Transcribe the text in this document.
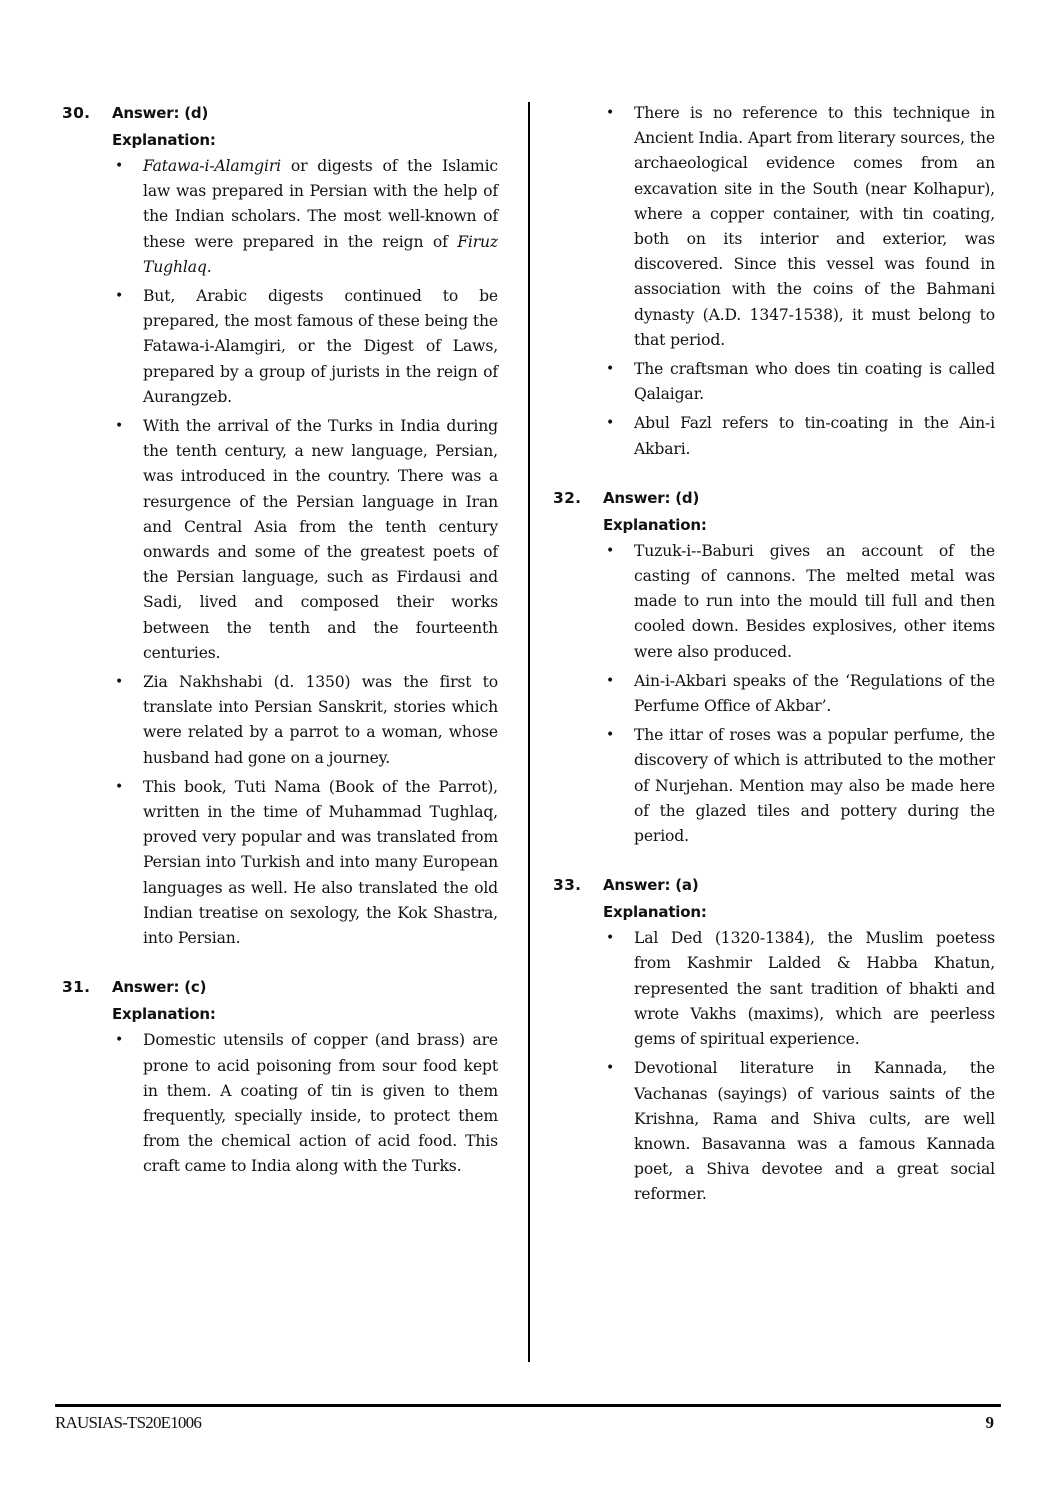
30.	Answer: (d)
Explanation:
• Fatawa-i-Alamgiri or digests of the Islamic law was prepared in Persian with the help of the Indian scholars. The most well-known of these were prepared in the reign of Firuz Tughlaq.
• But, Arabic digests continued to be prepared, the most famous of these being the Fatawa-i-Alamgiri, or the Digest of Laws, prepared by a group of jurists in the reign of Aurangzeb.
• With the arrival of the Turks in India during the tenth century, a new language, Persian, was introduced in the country. There was a resurgence of the Persian language in Iran and Central Asia from the tenth century onwards and some of the greatest poets of the Persian language, such as Firdausi and Sadi, lived and composed their works between the tenth and the fourteenth centuries.
• Zia Nakhshabi (d. 1350) was the first to translate into Persian Sanskrit, stories which were related by a parrot to a woman, whose husband had gone on a journey.
• This book, Tuti Nama (Book of the Parrot), written in the time of Muhammad Tughlaq, proved very popular and was translated from Persian into Turkish and into many European languages as well. He also translated the old Indian treatise on sexology, the Kok Shastra, into Persian.
31.	Answer: (c)
Explanation:
• Domestic utensils of copper (and brass) are prone to acid poisoning from sour food kept in them. A coating of tin is given to them frequently, specially inside, to protect them from the chemical action of acid food. This craft came to India along with the Turks.
• There is no reference to this technique in Ancient India. Apart from literary sources, the archaeological evidence comes from an excavation site in the South (near Kolhapur), where a copper container, with tin coating, both on its interior and exterior, was discovered. Since this vessel was found in association with the coins of the Bahmani dynasty (A.D. 1347-1538), it must belong to that period.
• The craftsman who does tin coating is called Qalaigar.
• Abul Fazl refers to tin-coating in the Ain-i Akbari.
32.	Answer: (d)
Explanation:
• Tuzuk-i--Baburi gives an account of the casting of cannons. The melted metal was made to run into the mould till full and then cooled down. Besides explosives, other items were also produced.
• Ain-i-Akbari speaks of the ‘Regulations of the Perfume Office of Akbar’.
• The ittar of roses was a popular perfume, the discovery of which is attributed to the mother of Nurjehan. Mention may also be made here of the glazed tiles and pottery during the period.
33.	Answer: (a)
Explanation:
• Lal Ded (1320-1384), the Muslim poetess from Kashmir Lalded & Habba Khatun, represented the sant tradition of bhakti and wrote Vakhs (maxims), which are peerless gems of spiritual experience.
• Devotional literature in Kannada, the Vachanas (sayings) of various saints of the Krishna, Rama and Shiva cults, are well known. Basavanna was a famous Kannada poet, a Shiva devotee and a great social reformer.
RAUSIAS-TS20E1006	9
